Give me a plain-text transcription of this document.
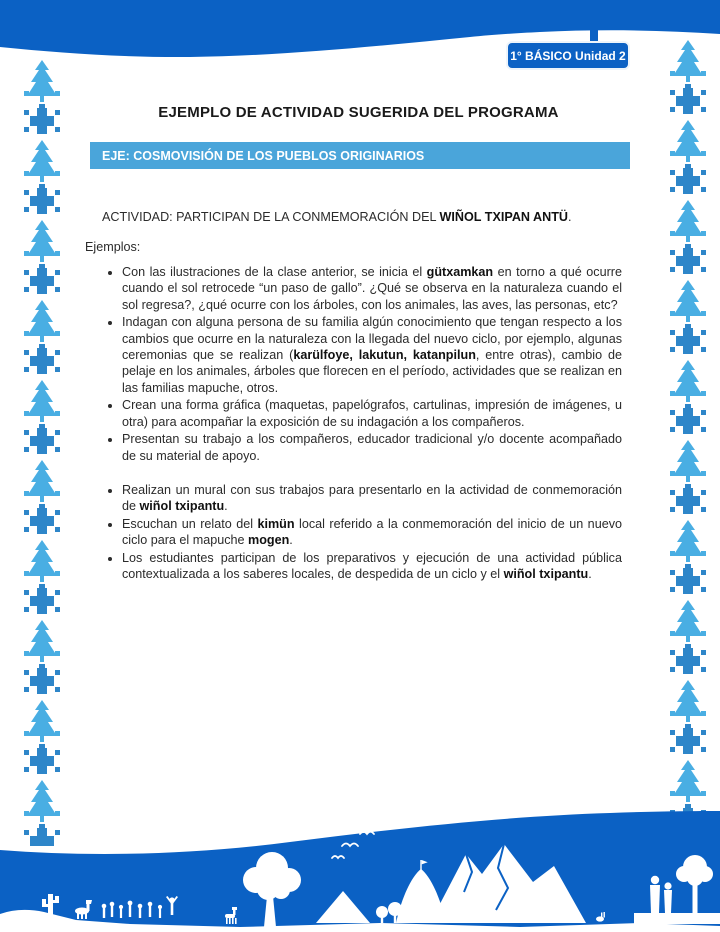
1° BÁSICO Unidad 2
EJEMPLO DE ACTIVIDAD SUGERIDA DEL PROGRAMA
EJE: COSMOVISIÓN DE LOS PUEBLOS ORIGINARIOS
ACTIVIDAD: PARTICIPAN DE LA CONMEMORACIÓN DEL WIÑOL TXIPAN ANTÜ.
Ejemplos:
• Con las ilustraciones de la clase anterior, se inicia el gütxamkan en torno a qué ocurre cuando el sol retrocede “un paso de gallo”. ¿Qué se observa en la naturaleza cuando el sol regresa?, ¿qué ocurre con los árboles, con los animales, las aves, las personas, etc?
• Indagan con alguna persona de su familia algún conocimiento que tengan respecto a los cambios que ocurre en la naturaleza con la llegada del nuevo ciclo, por ejemplo, algunas ceremonias que se realizan (karülfoye, lakutun, katanpilun, entre otras), cambio de pelaje en los animales, árboles que florecen en el período, actividades que se realizan en las familias mapuche, otros.
• Crean una forma gráfica (maquetas, papelógrafos, cartulinas, impresión de imágenes, u otra) para acompañar la exposición de su indagación a los compañeros.
• Presentan su trabajo a los compañeros, educador tradicional y/o docente acompañado de su material de apoyo.
• Realizan un mural con sus trabajos para presentarlo en la actividad de conmemoración de wiñol txipantu.
• Escuchan un relato del kimün local referido a la conmemoración del inicio de un nuevo ciclo para el mapuche mogen.
• Los estudiantes participan de los preparativos y ejecución de una actividad pública contextualizada a los saberes locales, de despedida de un ciclo y el wiñol txipantu.
